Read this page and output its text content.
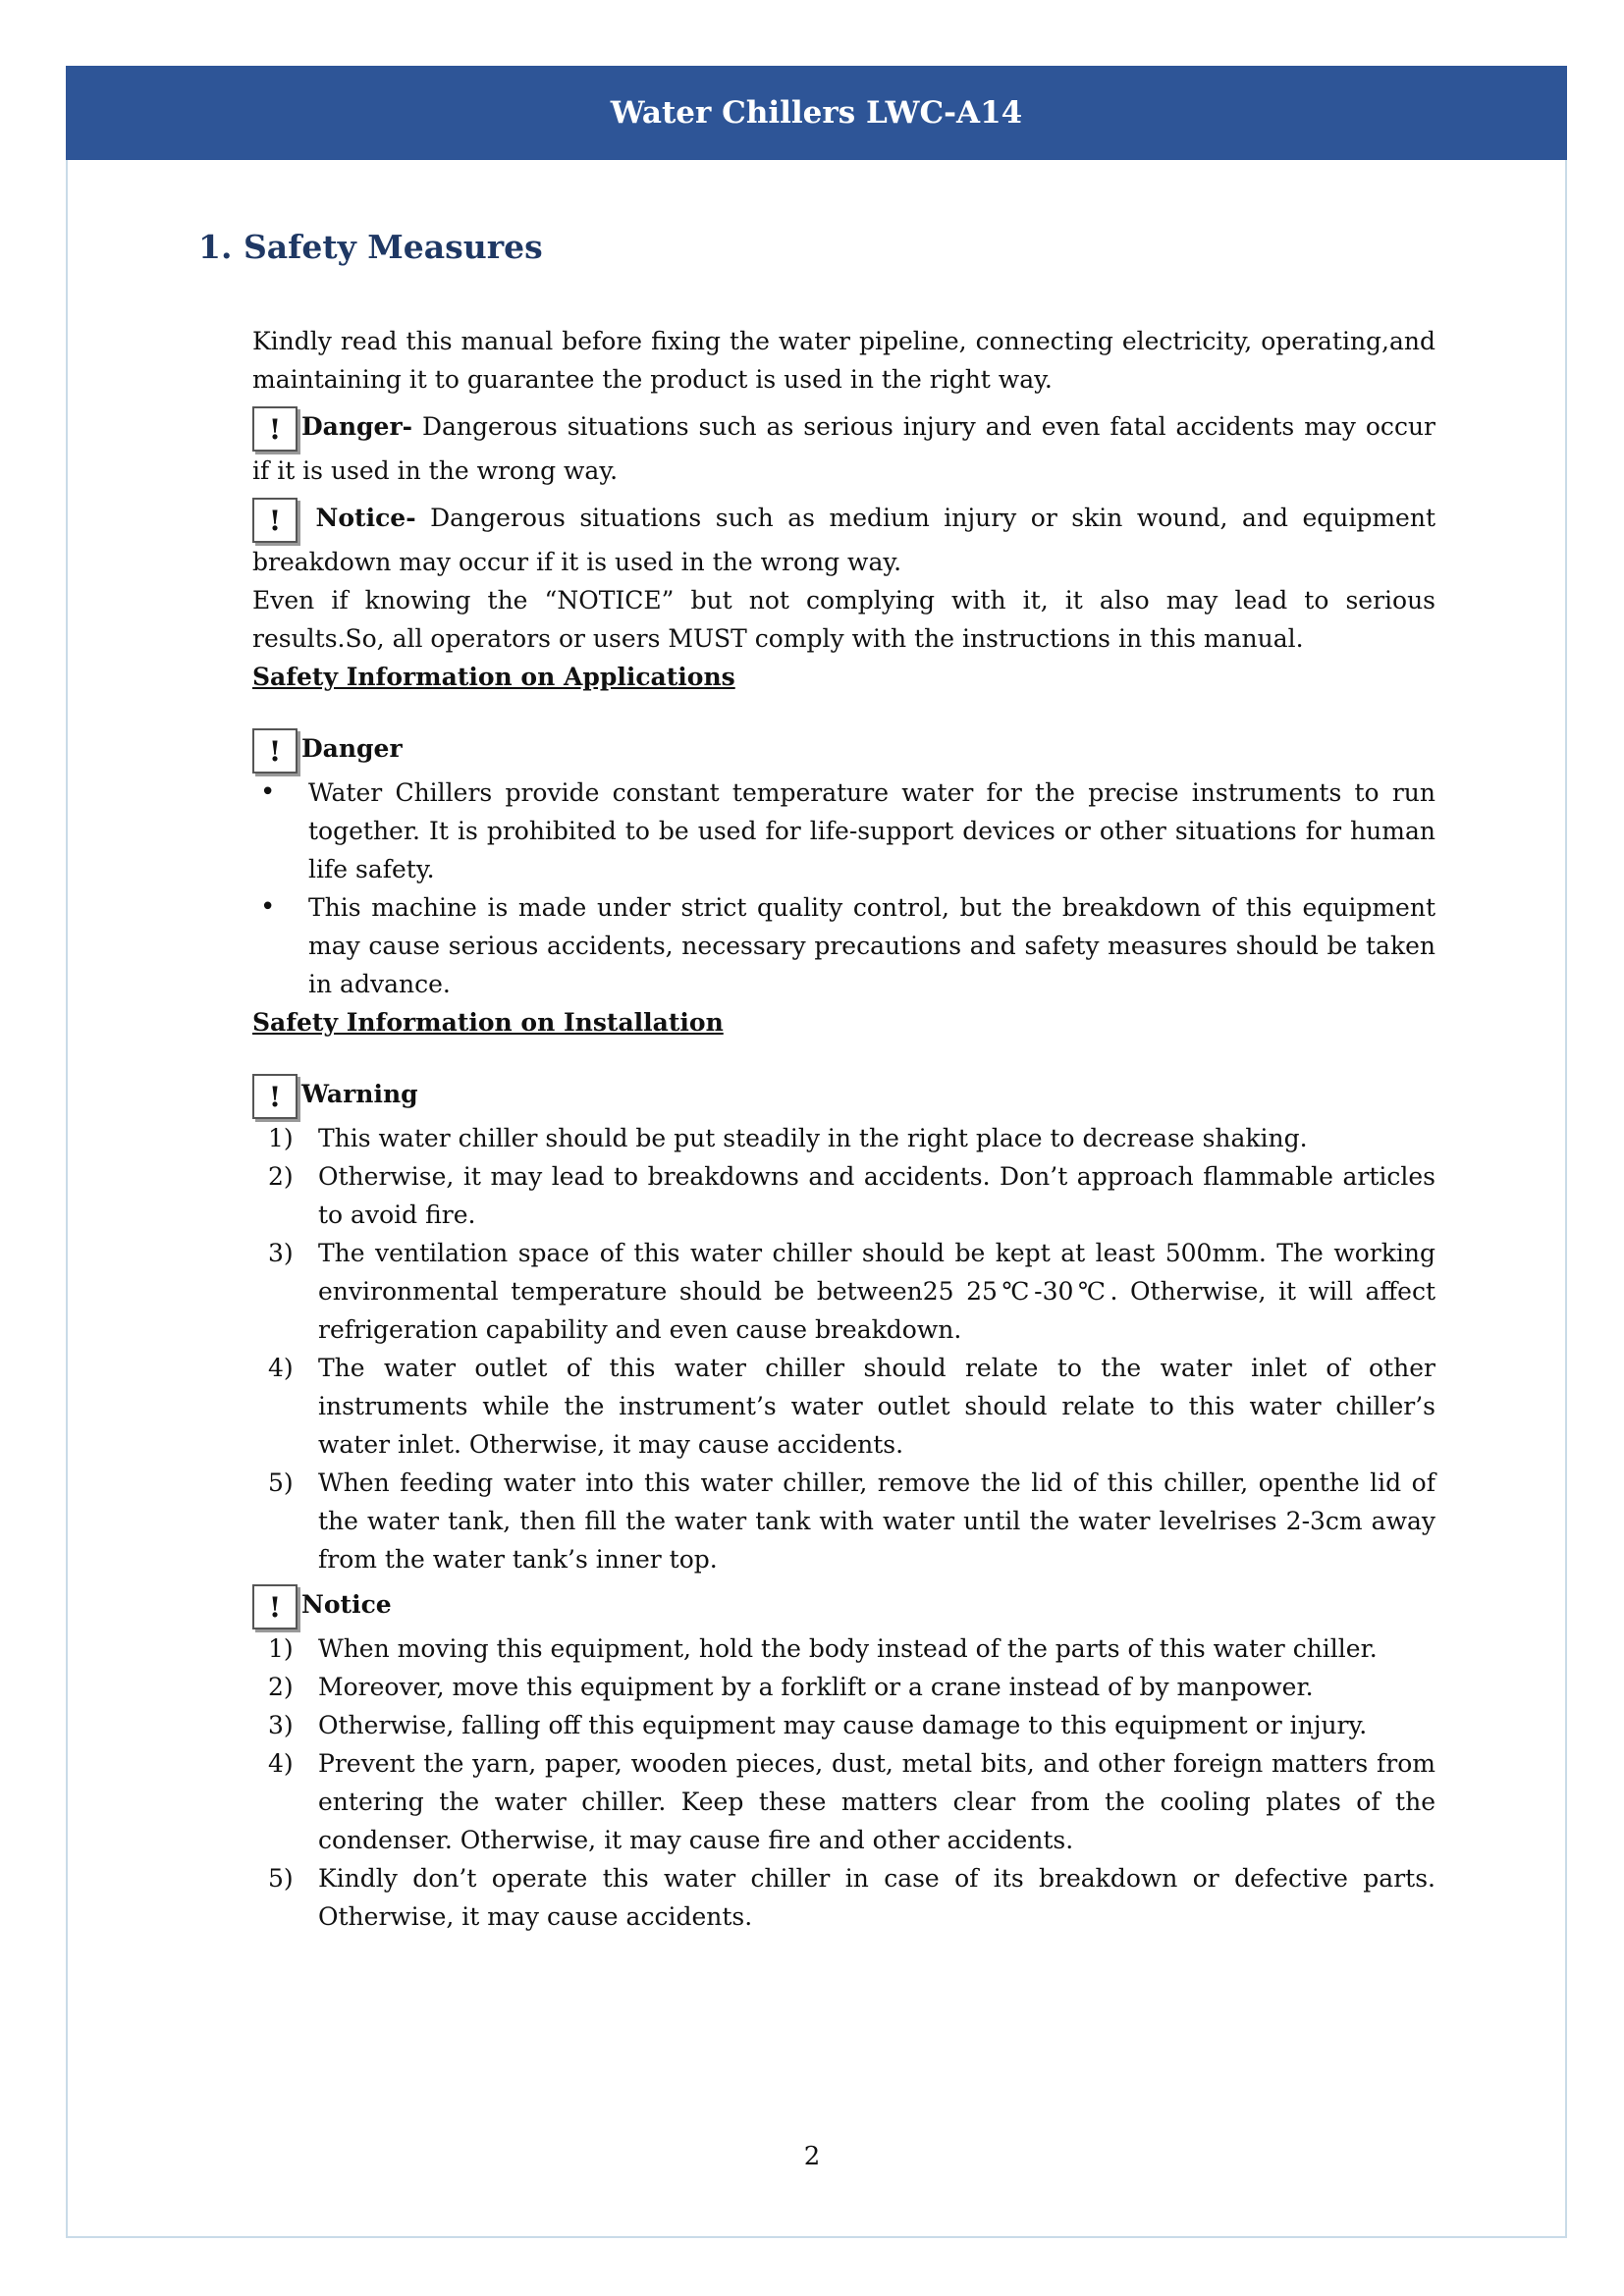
Water Chillers LWC-A14
1. Safety Measures

Kindly read this manual before fixing the water pipeline, connecting electricity, operating,and maintaining it to guarantee the product is used in the right way.

! Danger- Dangerous situations such as serious injury and even fatal accidents may occur if it is used in the wrong way.

! Notice- Dangerous situations such as medium injury or skin wound, and equipment breakdown may occur if it is used in the wrong way.

Even if knowing the “NOTICE” but not complying with it, it also may lead to serious results.So, all operators or users MUST comply with the instructions in this manual.

Safety Information on Applications

! Danger

• Water Chillers provide constant temperature water for the precise instruments to run together. It is prohibited to be used for life-support devices or other situations for human life safety.
• This machine is made under strict quality control, but the breakdown of this equipment may cause serious accidents, necessary precautions and safety measures should be taken in advance.

Safety Information on Installation

! Warning

1) This water chiller should be put steadily in the right place to decrease shaking.
2) Otherwise, it may lead to breakdowns and accidents. Don’t approach flammable articles to avoid fire.
3) The ventilation space of this water chiller should be kept at least 500mm. The working environmental temperature should be between25 25℃-30℃. Otherwise, it will affect refrigeration capability and even cause breakdown.
4) The water outlet of this water chiller should relate to the water inlet of other instruments while the instrument’s water outlet should relate to this water chiller’s water inlet. Otherwise, it may cause accidents.
5) When feeding water into this water chiller, remove the lid of this chiller, openthe lid of the water tank, then fill the water tank with water until the water levelrises 2-3cm away from the water tank’s inner top.

! Notice

1) When moving this equipment, hold the body instead of the parts of this water chiller.
2) Moreover, move this equipment by a forklift or a crane instead of by manpower.
3) Otherwise, falling off this equipment may cause damage to this equipment or injury.
4) Prevent the yarn, paper, wooden pieces, dust, metal bits, and other foreign matters from entering the water chiller. Keep these matters clear from the cooling plates of the condenser. Otherwise, it may cause fire and other accidents.
5) Kindly don’t operate this water chiller in case of its breakdown or defective parts. Otherwise, it may cause accidents.
2
